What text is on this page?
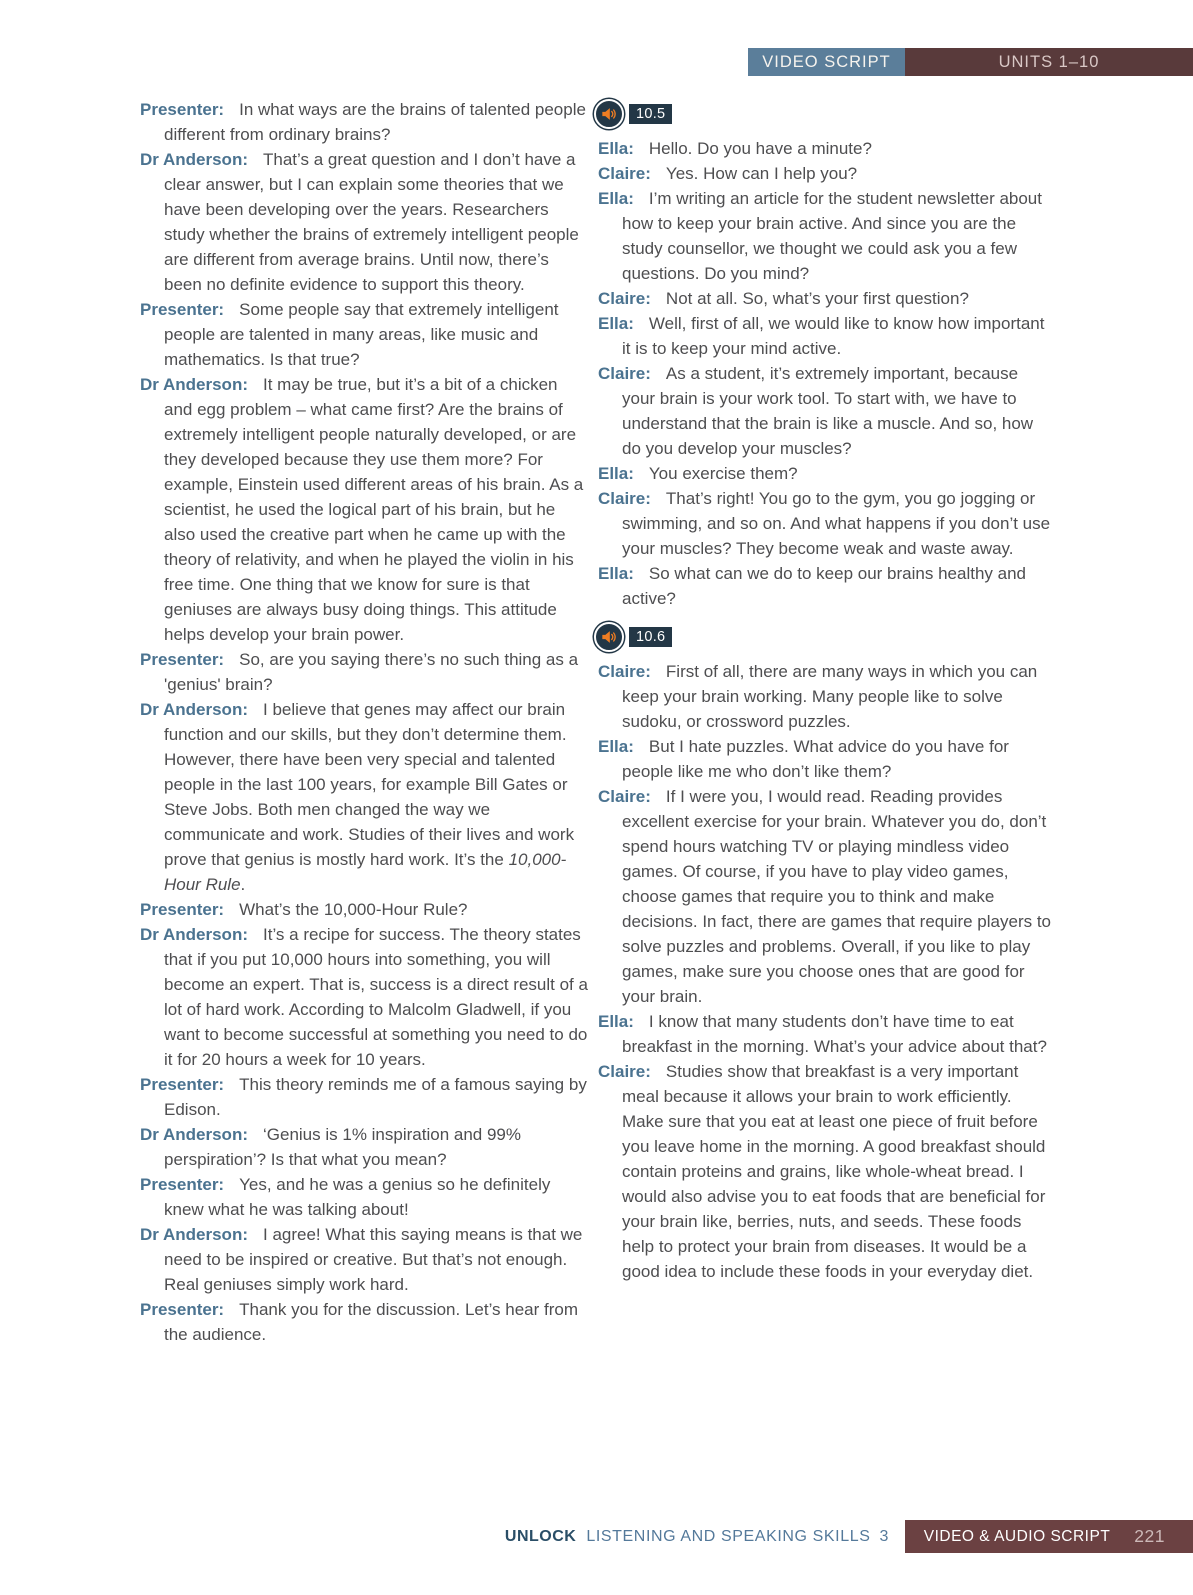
VIDEO SCRIPT	UNITS 1–10

Presenter: In what ways are the brains of talented people different from ordinary brains?

Dr Anderson: That’s a great question and I don’t have a clear answer, but I can explain some theories that we have been developing over the years. Researchers study whether the brains of extremely intelligent people are different from average brains. Until now, there’s been no definite evidence to support this theory.

Presenter: Some people say that extremely intelligent people are talented in many areas, like music and mathematics. Is that true?

Dr Anderson: It may be true, but it’s a bit of a chicken and egg problem – what came first? Are the brains of extremely intelligent people naturally developed, or are they developed because they use them more? For example, Einstein used different areas of his brain. As a scientist, he used the logical part of his brain, but he also used the creative part when he came up with the theory of relativity, and when he played the violin in his free time. One thing that we know for sure is that geniuses are always busy doing things. This attitude helps develop your brain power.

Presenter: So, are you saying there’s no such thing as a 'genius' brain?

Dr Anderson: I believe that genes may affect our brain function and our skills, but they don’t determine them. However, there have been very special and talented people in the last 100 years, for example Bill Gates or Steve Jobs. Both men changed the way we communicate and work. Studies of their lives and work prove that genius is mostly hard work. It’s the 10,000-Hour Rule.

Presenter: What’s the 10,000-Hour Rule?

Dr Anderson: It’s a recipe for success. The theory states that if you put 10,000 hours into something, you will become an expert. That is, success is a direct result of a lot of hard work. According to Malcolm Gladwell, if you want to become successful at something you need to do it for 20 hours a week for 10 years.

Presenter: This theory reminds me of a famous saying by Edison.

Dr Anderson: ‘Genius is 1% inspiration and 99% perspiration’? Is that what you mean?

Presenter: Yes, and he was a genius so he definitely knew what he was talking about!

Dr Anderson: I agree! What this saying means is that we need to be inspired or creative. But that’s not enough. Real geniuses simply work hard.

Presenter: Thank you for the discussion. Let’s hear from the audience.

10.5

Ella: Hello. Do you have a minute?

Claire: Yes. How can I help you?

Ella: I’m writing an article for the student newsletter about how to keep your brain active. And since you are the study counsellor, we thought we could ask you a few questions. Do you mind?

Claire: Not at all. So, what’s your first question?

Ella: Well, first of all, we would like to know how important it is to keep your mind active.

Claire: As a student, it’s extremely important, because your brain is your work tool. To start with, we have to understand that the brain is like a muscle. And so, how do you develop your muscles?

Ella: You exercise them?

Claire: That’s right! You go to the gym, you go jogging or swimming, and so on. And what happens if you don’t use your muscles? They become weak and waste away.

Ella: So what can we do to keep our brains healthy and active?

10.6

Claire: First of all, there are many ways in which you can keep your brain working. Many people like to solve sudoku, or crossword puzzles.

Ella: But I hate puzzles. What advice do you have for people like me who don’t like them?

Claire: If I were you, I would read. Reading provides excellent exercise for your brain. Whatever you do, don’t spend hours watching TV or playing mindless video games. Of course, if you have to play video games, choose games that require you to think and make decisions. In fact, there are games that require players to solve puzzles and problems. Overall, if you like to play games, make sure you choose ones that are good for your brain.

Ella: I know that many students don’t have time to eat breakfast in the morning. What’s your advice about that?

Claire: Studies show that breakfast is a very important meal because it allows your brain to work efficiently. Make sure that you eat at least one piece of fruit before you leave home in the morning. A good breakfast should contain proteins and grains, like whole-wheat bread. I would also advise you to eat foods that are beneficial for your brain like, berries, nuts, and seeds. These foods help to protect your brain from diseases. It would be a good idea to include these foods in your everyday diet.

UNLOCK LISTENING AND SPEAKING SKILLS 3	VIDEO & AUDIO SCRIPT 221
